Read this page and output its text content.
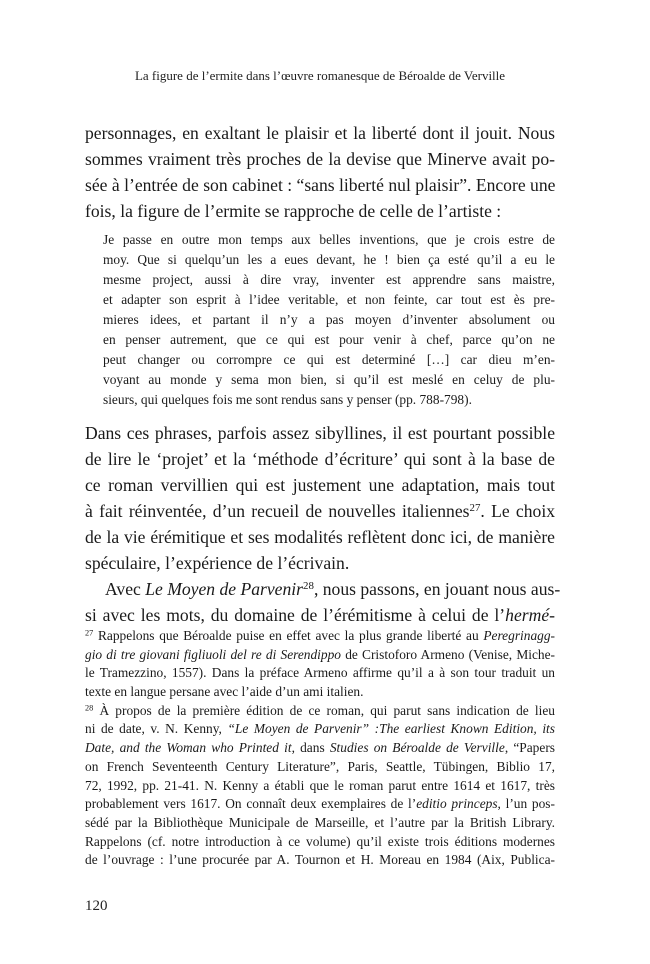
La figure de l’ermite dans l’œuvre romanesque de Béroalde de Verville
personnages, en exaltant le plaisir et la liberté dont il jouit. Nous
sommes vraiment très proches de la devise que Minerve avait po-
sée à l’entrée de son cabinet : “sans liberté nul plaisir”. Encore une
fois, la figure de l’ermite se rapproche de celle de l’artiste :
Je passe en outre mon temps aux belles inventions, que je crois estre de
moy. Que si quelqu’un les a eues devant, he ! bien ça esté qu’il a eu le
mesme project, aussi à dire vray, inventer est apprendre sans maistre,
et adapter son esprit à l’idee veritable, et non feinte, car tout est ès pre-
mieres idees, et partant il n’y a pas moyen d’inventer absolument ou
en penser autrement, que ce qui est pour venir à chef, parce qu’on ne
peut changer ou corrompre ce qui est determiné […] car dieu m’en-
voyant au monde y sema mon bien, si qu’il est meslé en celuy de plu-
sieurs, qui quelques fois me sont rendus sans y penser (pp. 788-798).
Dans ces phrases, parfois assez sibyllines, il est pourtant possible
de lire le ‘projet’ et la ‘méthode d’écriture’ qui sont à la base de
ce roman vervillien qui est justement une adaptation, mais tout
à fait réinventée, d’un recueil de nouvelles italiennes$^{27}$. Le choix
de la vie érémitique et ses modalités reflètent donc ici, de manière
spéculaire, l’expérience de l’écrivain.
Avec Le Moyen de Parvenir$^{28}$, nous passons, en jouant nous aus-
si avec les mots, du domaine de l’érémitisme à celui de l’hermé-
$^{27}$ Rappelons que Béroalde puise en effet avec la plus grande liberté au Peregrinagg-
gio di tre giovani figliuoli del re di Serendippo de Cristoforo Armeno (Venise, Miche-
le Tramezzino, 1557). Dans la préface Armeno affirme qu’il a à son tour traduit un
texte en langue persane avec l’aide d’un ami italien.
$^{28}$ À propos de la première édition de ce roman, qui parut sans indication de lieu
ni de date, v. N. Kenny, “Le Moyen de Parvenir” :The earliest Known Edition, its
Date, and the Woman who Printed it, dans Studies on Béroalde de Verville, “Papers
on French Seventeenth Century Literature”, Paris, Seattle, Tübingen, Biblio 17,
72, 1992, pp. 21-41. N. Kenny a établi que le roman parut entre 1614 et 1617, très
probablement vers 1617. On connaît deux exemplaires de l’editio princeps, l’un pos-
sédé par la Bibliothèque Municipale de Marseille, et l’autre par la British Library.
Rappelons (cf. notre introduction à ce volume) qu’il existe trois éditions modernes
de l’ouvrage : l’une procurée par A. Tournon et H. Moreau en 1984 (Aix, Publica-
120
